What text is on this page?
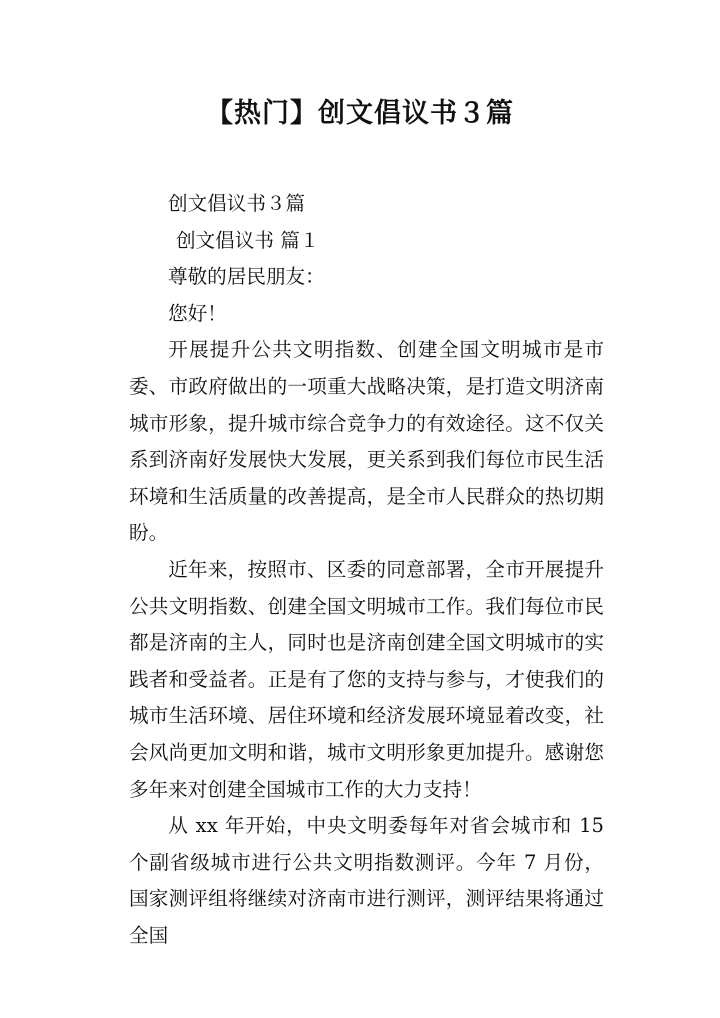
【热门】创文倡议书３篇
创文倡议书３篇
创文倡议书 篇１
尊敬的居民朋友：
您好！

开展提升公共文明指数、创建全国文明城市是市委、市政府做出的一项重大战略决策，是打造文明济南城市形象，提升城市综合竞争力的有效途径。这不仅关系到济南好发展快大发展，更关系到我们每位市民生活环境和生活质量的改善提高，是全市人民群众的热切期盼。

近年来，按照市、区委的同意部署，全市开展提升公共文明指数、创建全国文明城市工作。我们每位市民都是济南的主人，同时也是济南创建全国文明城市的实践者和受益者。正是有了您的支持与参与，才使我们的城市生活环境、居住环境和经济发展环境显着改变，社会风尚更加文明和谐，城市文明形象更加提升。感谢您多年来对创建全国城市工作的大力支持！

从 xx 年开始，中央文明委每年对省会城市和 15 个副省级城市进行公共文明指数测评。今年 7 月份，国家测评组将继续对济南市进行测评，测评结果将通过全国
